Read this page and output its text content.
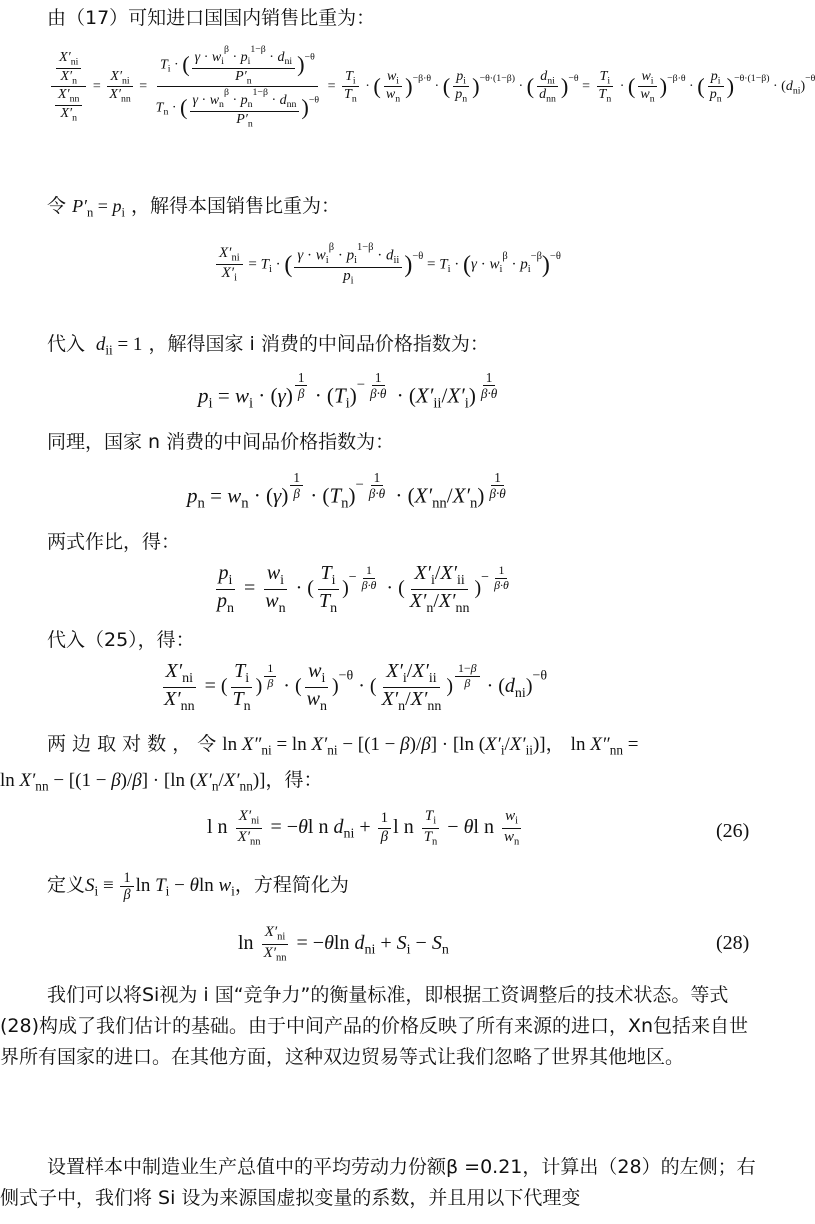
由（17）可知进口国国内销售比重为：
$\frac{\frac{X'_{ni}}{X'_n}}{\frac{X'_{nn}}{X'_n}} = \frac{X'_{ni}}{X'_{nn}} = \frac{T_i \cdot ( \frac{\gamma \cdot w_i^\beta \cdot p_i^{1-\beta} \cdot d_{ni}}{P'_n} )^{-\theta}}{T_n \cdot ( \frac{\gamma \cdot w_n^\beta \cdot p_n^{1-\beta} \cdot d_{nn}}{P'_n} )^{-\theta}} = \frac{T_i}{T_n}$ · ( $\frac{w_i}{w_n} )^{-\beta\cdot\theta}$ · ( $\frac{p_i}{p_n} )^{-\theta\cdot(1-\beta)}$ · ( $\frac{d_{ni}}{d_{nn}} )^{-\theta} = \frac{T_i}{T_n}$ · ( $\frac{w_i}{w_n} )^{-\beta\cdot\theta}$ · ( $\frac{p_i}{p_n} )^{-\theta\cdot(1-\beta)} \cdot (d_{ni})^{-\theta}$
令 $P'_n = p_i$ ，解得本国销售比重为：
$\frac{X'_{ni}}{X'_i} = T_i$ · ( $\frac{\gamma \cdot w_i^\beta \cdot p_i^{1-\beta} \cdot d_{ii}}{p_i} )^{-\theta} = T_i \cdot (\gamma \cdot w_i^\beta \cdot p_i^{-\beta})^{-\theta}$
代入 $d_{ii} = 1$ ，解得国家 i 消费的中间品价格指数为：
$p_i = w_i \cdot (\gamma) ^{\frac{1}{\beta}} \cdot (T_i)^{- \frac{1}{\beta\cdot\theta}} \cdot (X'_{ii}/X'_i)$ $^{\frac{1}{\beta\cdot\theta}}$
同理，国家 n 消费的中间品价格指数为：
$p_n = w_n \cdot (\gamma) ^{\frac{1}{\beta}} \cdot (T_n)^{- \frac{1}{\beta\cdot\theta}} \cdot (X'_{nn}/X'_n)$ $^{\frac{1}{\beta\cdot\theta}}$
两式作比，得：
$\frac{p_i}{p_n} = \frac{w_i}{w_n}$ · ( $\frac{T_i}{T_n} )^{- \frac{1}{\beta\cdot\theta}}$ · ( $\frac{X'_i/X'_{ii}}{X'_n/X'_{nn}} )^{- \frac{1}{\beta\cdot\theta}}$
代入（25），得：
$\frac{X'_{ni}}{X'_{nn}}$ = ( $\frac{T_i}{T_n}$ ) $^{\frac{1}{\beta}}$ · ( $\frac{w_i}{w_n} )^{-\theta}$ · ( $\frac{X'_i/X'_{ii}}{X'_n/X'_{nn}}$ ) $^{\frac{1-\beta}{\beta}} \cdot (d_{ni})^{-\theta}$
两 边 取 对 数 ， 令 $\ln X''_{ni} = \ln X'_{ni} - [(1 - \beta)/\beta] \cdot [\ln$ $(X'_i/X'_{ii})$]， $\ln X''_{nn}$ =
$\ln X'_{nn} - [(1 - \beta)/\beta] \cdot [\ln$ $(X'_n/X'_{nn})$]，得：
l n $\frac{X'_{ni}}{X'_{nn}} = -\theta l$ n $d_{ni} + \frac{1}{\beta}$ l n $\frac{T_i}{T_n} - \theta l$ n $\frac{w_i}{w_n}$	(26)
定义$S_i \equiv \frac{1}{\beta}$ $\ln T_i - \theta\ln$ $w_i$，方程简化为
$\ln \frac{X'_{ni}}{X'_{nn}} = -\theta\ln$ $d_{ni} + S_i - S_n$	(28)
我们可以将Si视为 i 国“竞争力”的衡量标准，即根据工资调整后的技术状态。等式(28)构成了我们估计的基础。由于中间产品的价格反映了所有来源的进口，Xn包括来自世界所有国家的进口。在其他方面，这种双边贸易等式让我们忽略了世界其他地区。
设置样本中制造业生产总值中的平均劳动力份额β =0.21，计算出（28）的左侧；右侧式子中，我们将 Si 设为来源国虚拟变量的系数，并且用以下代理变
